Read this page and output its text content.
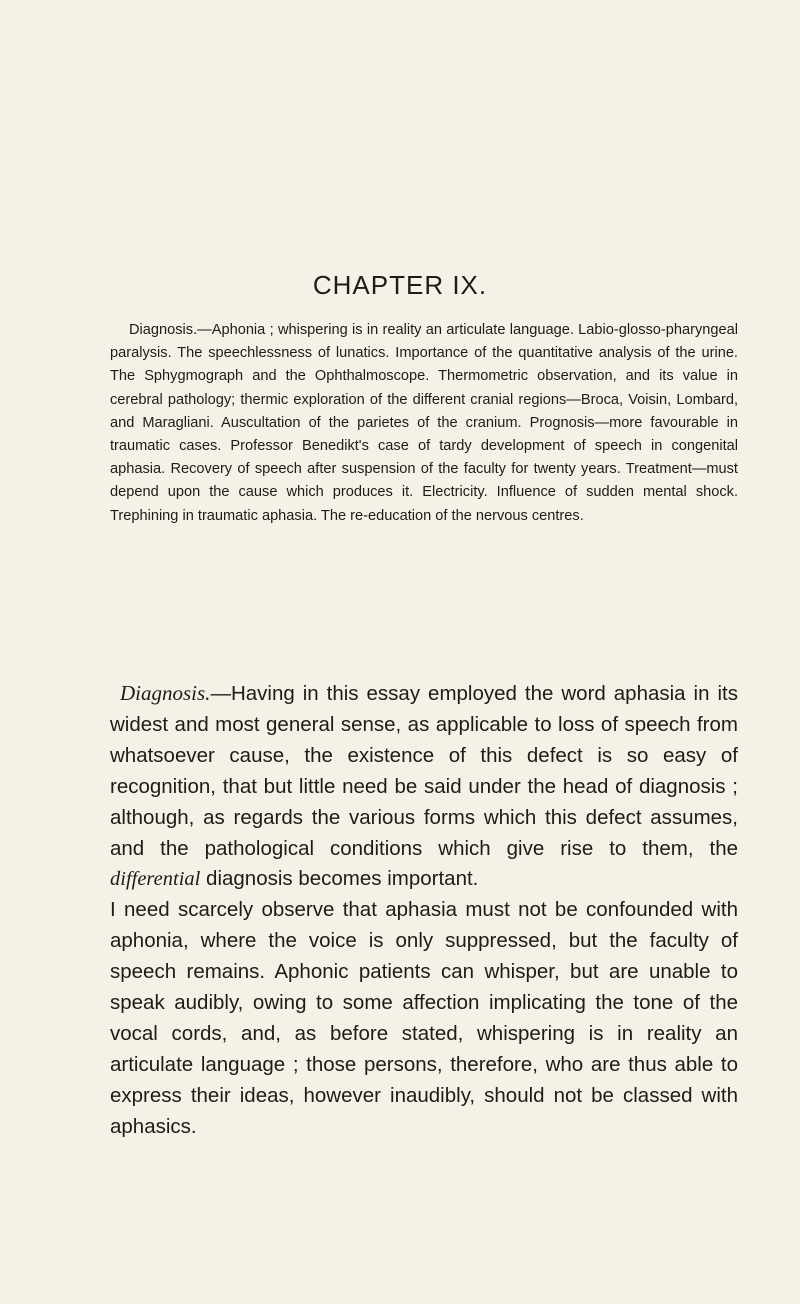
CHAPTER IX.

Diagnosis.—Aphonia ; whispering is in reality an articulate language. Labio-glosso-pharyngeal paralysis. The speechlessness of lunatics. Importance of the quantitative analysis of the urine. The Sphygmograph and the Ophthalmoscope. Thermometric observation, and its value in cerebral pathology; thermic exploration of the different cranial regions—Broca, Voisin, Lombard, and Maragliani. Auscultation of the parietes of the cranium. Prognosis—more favourable in traumatic cases. Professor Benedikt's case of tardy development of speech in congenital aphasia. Recovery of speech after suspension of the faculty for twenty years. Treatment—must depend upon the cause which produces it. Electricity. Influence of sudden mental shock. Trephining in traumatic aphasia. The re-education of the nervous centres.

Diagnosis.—Having in this essay employed the word aphasia in its widest and most general sense, as applicable to loss of speech from whatsoever cause, the existence of this defect is so easy of recognition, that but little need be said under the head of diagnosis ; although, as regards the various forms which this defect assumes, and the pathological conditions which give rise to them, the differential diagnosis becomes important.

I need scarcely observe that aphasia must not be confounded with aphonia, where the voice is only suppressed, but the faculty of speech remains. Aphonic patients can whisper, but are unable to speak audibly, owing to some affection implicating the tone of the vocal cords, and, as before stated, whispering is in reality an articulate language ; those persons, therefore, who are thus able to express their ideas, however inaudibly, should not be classed with aphasics.
